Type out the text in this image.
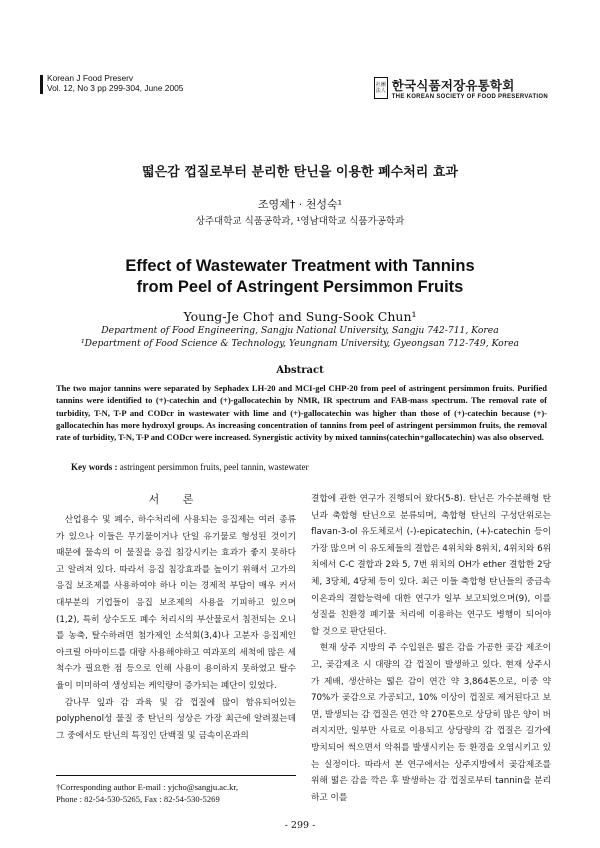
Korean J Food Preserv
Vol. 12, No 3 pp 299-304, June 2005	社團法人 한국식품저장유통학회
THE KOREAN SOCIETY OF FOOD PRESERVATION
떫은감 껍질로부터 분리한 탄닌을 이용한 폐수처리 효과
조영제† · 천성숙¹
상주대학교 식품공학과, ¹영남대학교 식품가공학과
Effect of Wastewater Treatment with Tannins
from Peel of Astringent Persimmon Fruits
Young-Je Cho† and Sung-Sook Chun¹
Department of Food Engineering, Sangju National University, Sangju 742-711, Korea
¹Department of Food Science & Technology, Yeungnam University, Gyeongsan 712-749, Korea
Abstract
The two major tannins were separated by Sephadex LH-20 and MCI-gel CHP-20 from peel of astringent persimmon fruits. Purified tannins were identified to (+)-catechin and (+)-gallocatechin by NMR, IR spectrum and FAB-mass spectrum. The removal rate of turbidity, T-N, T-P and CODcr in wastewater with lime and (+)-gallocatechin was higher than those of (+)-catechin because (+)-gallocatechin has more hydroxyl groups. As increasing concentration of tannins from peel of astringent persimmon fruits, the removal rate of turbidity, T-N, T-P and CODcr were increased. Synergistic activity by mixed tannins(catechin+gallocatechin) was also observed.
Key words : astringent persimmon fruits, peel tannin, wastewater
서 론
산업용수 및 폐수, 하수처리에 사용되는 응집제는 여러 종류가 있으나 이들은 무기물이거나 단일 유기물로 형성된 것이기 때문에 물속의 이 물질을 응집 침강시키는 효과가 좋지 못하다고 알려져 있다. 따라서 응집 침강효과를 높이기 위해서 고가의 응집 보조제를 사용하여야 하나 이는 경제적 부담이 매우 커서 대부분의 기업들이 응집 보조제의 사용을 기피하고 있으며(1,2), 특히 상수도도 폐수 처리시의 부산물로서 침전되는 오니를 농축, 탈수하려면 첨가제인 소석회(3,4)나 고분자 응집제인 아크릴 아마이드를 대량 사용해야하고 여과포의 세척에 많은 세척수가 필요한 점 등으로 인해 사용이 용이하지 못하였고 탈수율이 미미하여 생성되는 케익량이 증가되는 폐단이 있었다.
감나무 잎과 감 과육 및 감 껍질에 많이 함유되어있는 polyphenol성 물질 중 탄닌의 성상은 가장 최근에 알려졌는데 그 중에서도 탄닌의 특징인 단백질 및 금속이온과의
결합에 관한 연구가 진행되어 왔다(5-8). 탄닌은 가수분해형 탄닌과 축합형 탄닌으로 분류되며, 축합형 탄닌의 구성단위로는 flavan-3-ol 유도체로서 (-)-epicatechin, (+)-catechin 등이 가장 많으며 이 유도체들의 결합은 4위치와 8위치, 4위치와 6위치에서 C-C 결합과 2와 5, 7번 위치의 OH가 ether 결합한 2당체, 3당체, 4당체 등이 있다. 최근 이들 축합형 탄닌들의 중금속 이온과의 결합능력에 대한 연구가 일부 보고되었으며(9), 이를 성질을 친환경 폐기물 처리에 이용하는 연구도 병행이 되어야 할 것으로 판단된다.
현재 상주 지방의 주 수입원은 떫은 감을 가공한 곶감 제조이고, 곶감제조 시 대량의 감 껍질이 발생하고 있다. 현재 상주시가 제배, 생산하는 떫은 감이 연간 약 3,864톤으로, 이중 약 70%가 곶감으로 가공되고, 10% 이상이 껍질로 제거된다고 보면, 발생되는 감 껍질은 연간 약 270톤으로 상당히 많은 양이 버려지지만, 일부만 사료로 이용되고 상당량의 감 껍질은 길가에 방치되어 썩으면서 악취를 발생시키는 등 환경을 오염시키고 있는 실정이다. 따라서 본 연구에서는 상주지방에서 곶감제조를 위해 떫은 감을 깍은 후 발생하는 감 껍질로부터 tannin을 분리하고 이를
†Corresponding author E-mail : yjcho@sangju.ac.kr,
Phone : 82-54-530-5265, Fax : 82-54-530-5269
- 299 -
